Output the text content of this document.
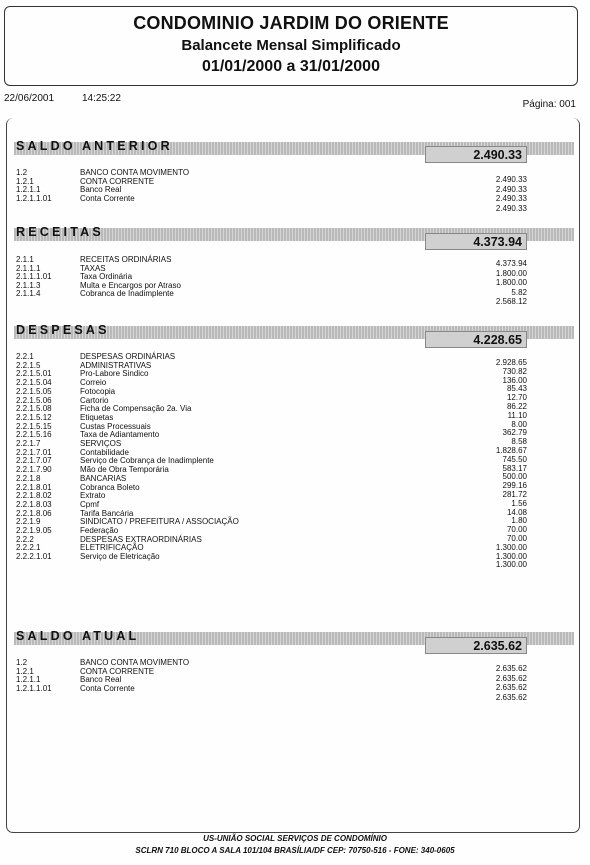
CONDOMINIO JARDIM DO ORIENTE
Balancete Mensal Simplificado
01/01/2000 a 31/01/2000
22/06/2001	14:25:22
Página: 001
SALDO ANTERIOR
2.490.33
1.2
1.2.1
1.2.1.1
1.2.1.1.01
BANCO CONTA MOVIMENTO
CONTA CORRENTE
Banco Real
Conta Corrente
2.490.33
2.490.33
2.490.33
2.490.33
RECEITAS
4.373.94
2.1.1
2.1.1.1
2.1.1.1.01
2.1.1.3
2.1.1.4
RECEITAS ORDINÁRIAS
TAXAS
Taxa Ordinária
Multa e Encargos por Atraso
Cobranca de Inadimplente
4.373.94
1.800.00
1.800.00
5.82
2.568.12
DESPESAS
4.228.65
2.2.1
2.2.1.5
2.2.1.5.01
2.2.1.5.04
2.2.1.5.05
2.2.1.5.06
2.2.1.5.08
2.2.1.5.12
2.2.1.5.15
2.2.1.5.16
2.2.1.7
2.2.1.7.01
2.2.1.7.07
2.2.1.7.90
2.2.1.8
2.2.1.8.01
2.2.1.8.02
2.2.1.8.03
2.2.1.8.06
2.2.1.9
2.2.1.9.05
2.2.2
2.2.2.1
2.2.2.1.01
DESPESAS ORDINÁRIAS
ADMINISTRATIVAS
Pro-Labore Sindico
Correio
Fotocopia
Cartorio
Ficha de Compensação 2a. Via
Etiquetas
Custas Processuais
Taxa de Adiantamento
SERVIÇOS
Contabilidade
Serviço de Cobrança de Inadimplente
Mão de Obra Temporária
BANCARIAS
Cobranca Boleto
Extrato
Cpmf
Tarifa Bancária
SINDICATO / PREFEITURA / ASSOCIAÇÃO
Federação
DESPESAS EXTRAORDINÁRIAS
ELETRIFICAÇÃO
Serviço de Eletricação
2.928.65
730.82
136.00
85.43
12.70
86.22
11.10
8.00
362.79
8.58
1.828.67
745.50
583.17
500.00
299.16
281.72
1.56
14.08
1.80
70.00
70.00
1.300.00
1.300.00
1.300.00
SALDO ATUAL
2.635.62
1.2
1.2.1
1.2.1.1
1.2.1.1.01
BANCO CONTA MOVIMENTO
CONTA CORRENTE
Banco Real
Conta Corrente
2.635.62
2.635.62
2.635.62
2.635.62
US-UNIÃO SOCIAL SERVIÇOS DE CONDOMÍNIO
SCLRN 710 BLOCO A SALA 101/104 BRASÍLIA/DF CEP: 70750-516 - FONE: 340-0605
